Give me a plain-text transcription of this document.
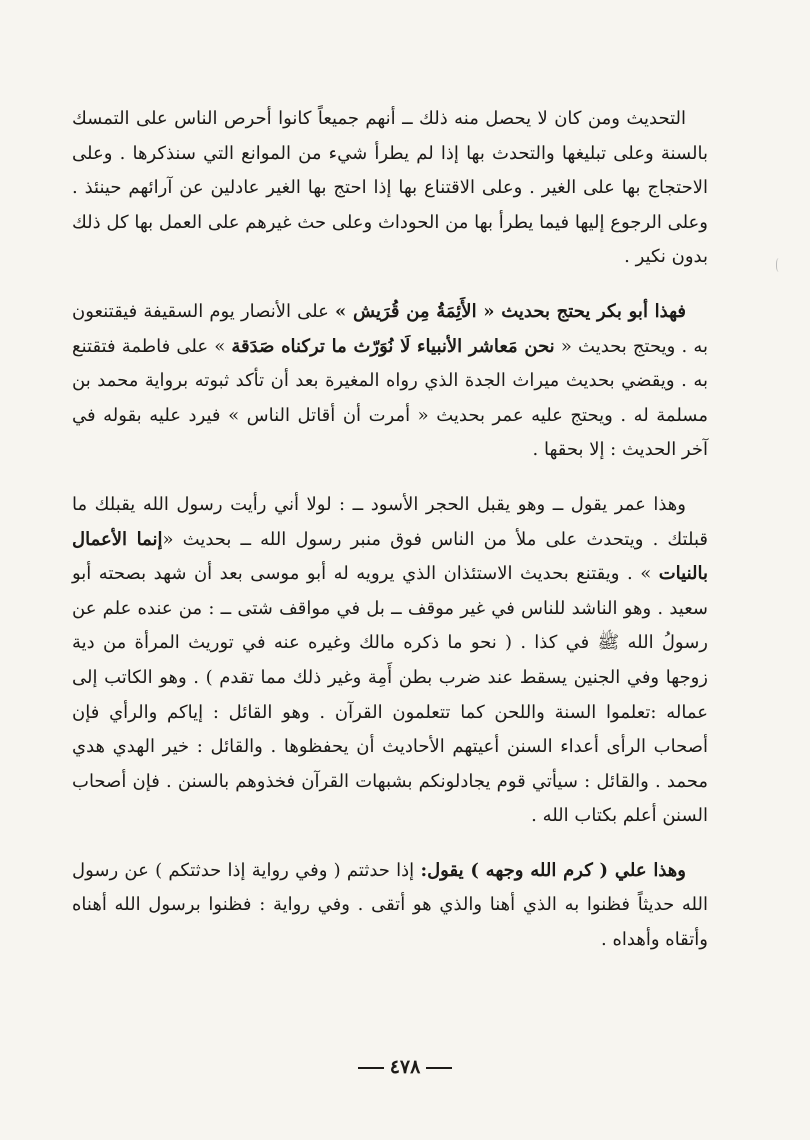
التحديث ومن كان لا يحصل منه ذلك ــ أنهم جميعاً كانوا أحرص الناس على التمسك بالسنة وعلى تبليغها والتحدث بها إذا لم يطرأ شيء من الموانع التي سنذكرها . وعلى الاحتجاج بها على الغير . وعلى الاقتناع بها إذا احتج بها الغير عادلين عن آرائهم حينئذ . وعلى الرجوع إليها فيما يطرأ بها من الحوداث وعلى حث غيرهم على العمل بها كل ذلك بدون نكير .

فهذا أبو بكر يحتج بحديث « الأَئِمَةُ مِن قُرَيش » على الأنصار يوم السقيفة فيقتنعون به . ويحتج بحديث « نحن مَعاشر الأنبياء لَا نُوَرّث ما تركناه صَدَقة » على فاطمة فتقتنع به . ويقضي بحديث ميراث الجدة الذي رواه المغيرة بعد أن تأكد ثبوته برواية محمد بن مسلمة له . ويحتج عليه عمر بحديث « أمرت أن أقاتل الناس » فيرد عليه بقوله في آخر الحديث : إلا بحقها .

وهذا عمر يقول ــ وهو يقبل الحجر الأسود ــ : لولا أني رأيت رسول الله يقبلك ما قبلتك . ويتحدث على ملأ من الناس فوق منبر رسول الله ــ بحديث «إنما الأعمال بالنيات » . ويقتنع بحديث الاستئذان الذي يرويه له أبو موسى بعد أن شهد بصحته أبو سعيد . وهو الناشد للناس في غير موقف ــ بل في مواقف شتى ــ : من عنده علم عن رسولُ الله ﷺ في كذا . ( نحو ما ذكره مالك وغيره عنه في توريث المرأة من دية زوجها وفي الجنين يسقط عند ضرب بطن أَمِة وغير ذلك مما تقدم ) . وهو الكاتب إلى عماله :تعلموا السنة واللحن كما تتعلمون القرآن . وهو القائل : إياكم والرأي فإن أصحاب الرأى أعداء السنن أعيتهم الأحاديث أن يحفظوها . والقائل : خير الهدي هدي محمد . والقائل : سيأتي قوم يجادلونكم بشبهات القرآن فخذوهم بالسنن . فإن أصحاب السنن أعلم بكتاب الله .

وهذا علي ( كرم الله وجهه ) يقول: إذا حدثتم ( وفي رواية إذا حدثتكم ) عن رسول الله حديثاً فظنوا به الذي أهنا والذي هو أتقى . وفي رواية : فظنوا برسول الله أهناه وأتقاه وأهداه .

٤٧٨
